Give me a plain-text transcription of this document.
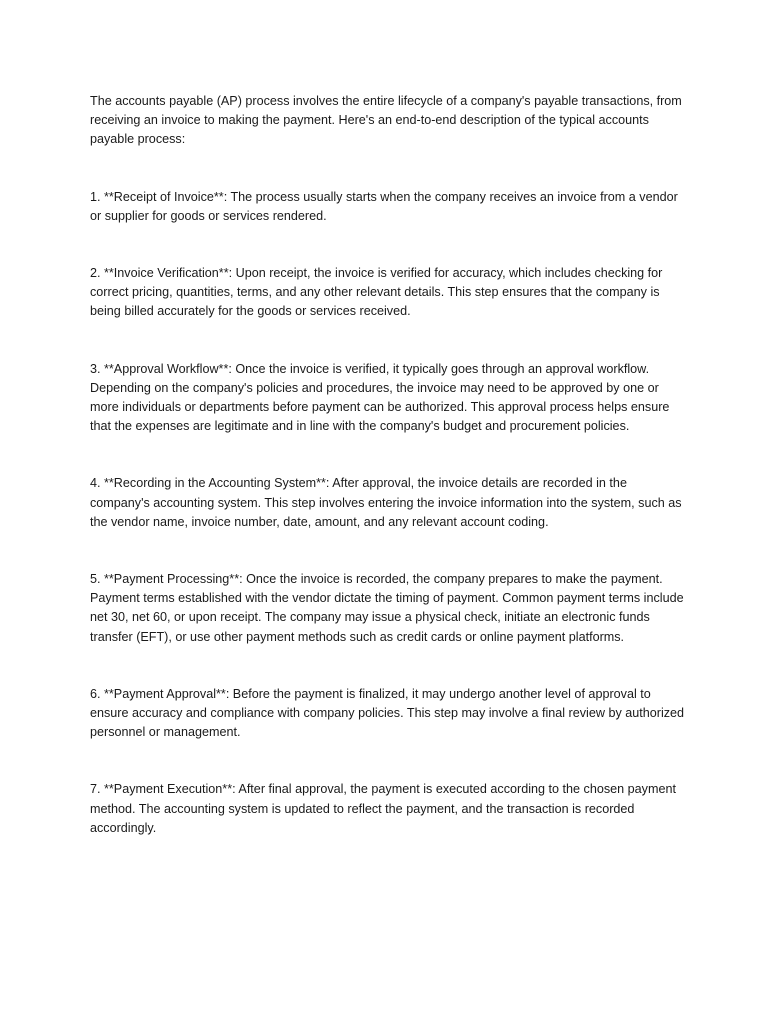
The accounts payable (AP) process involves the entire lifecycle of a company's payable transactions, from receiving an invoice to making the payment. Here's an end-to-end description of the typical accounts payable process:

1. **Receipt of Invoice**: The process usually starts when the company receives an invoice from a vendor or supplier for goods or services rendered.

2. **Invoice Verification**: Upon receipt, the invoice is verified for accuracy, which includes checking for correct pricing, quantities, terms, and any other relevant details. This step ensures that the company is being billed accurately for the goods or services received.

3. **Approval Workflow**: Once the invoice is verified, it typically goes through an approval workflow. Depending on the company's policies and procedures, the invoice may need to be approved by one or more individuals or departments before payment can be authorized. This approval process helps ensure that the expenses are legitimate and in line with the company's budget and procurement policies.

4. **Recording in the Accounting System**: After approval, the invoice details are recorded in the company's accounting system. This step involves entering the invoice information into the system, such as the vendor name, invoice number, date, amount, and any relevant account coding.

5. **Payment Processing**: Once the invoice is recorded, the company prepares to make the payment. Payment terms established with the vendor dictate the timing of payment. Common payment terms include net 30, net 60, or upon receipt. The company may issue a physical check, initiate an electronic funds transfer (EFT), or use other payment methods such as credit cards or online payment platforms.

6. **Payment Approval**: Before the payment is finalized, it may undergo another level of approval to ensure accuracy and compliance with company policies. This step may involve a final review by authorized personnel or management.

7. **Payment Execution**: After final approval, the payment is executed according to the chosen payment method. The accounting system is updated to reflect the payment, and the transaction is recorded accordingly.
